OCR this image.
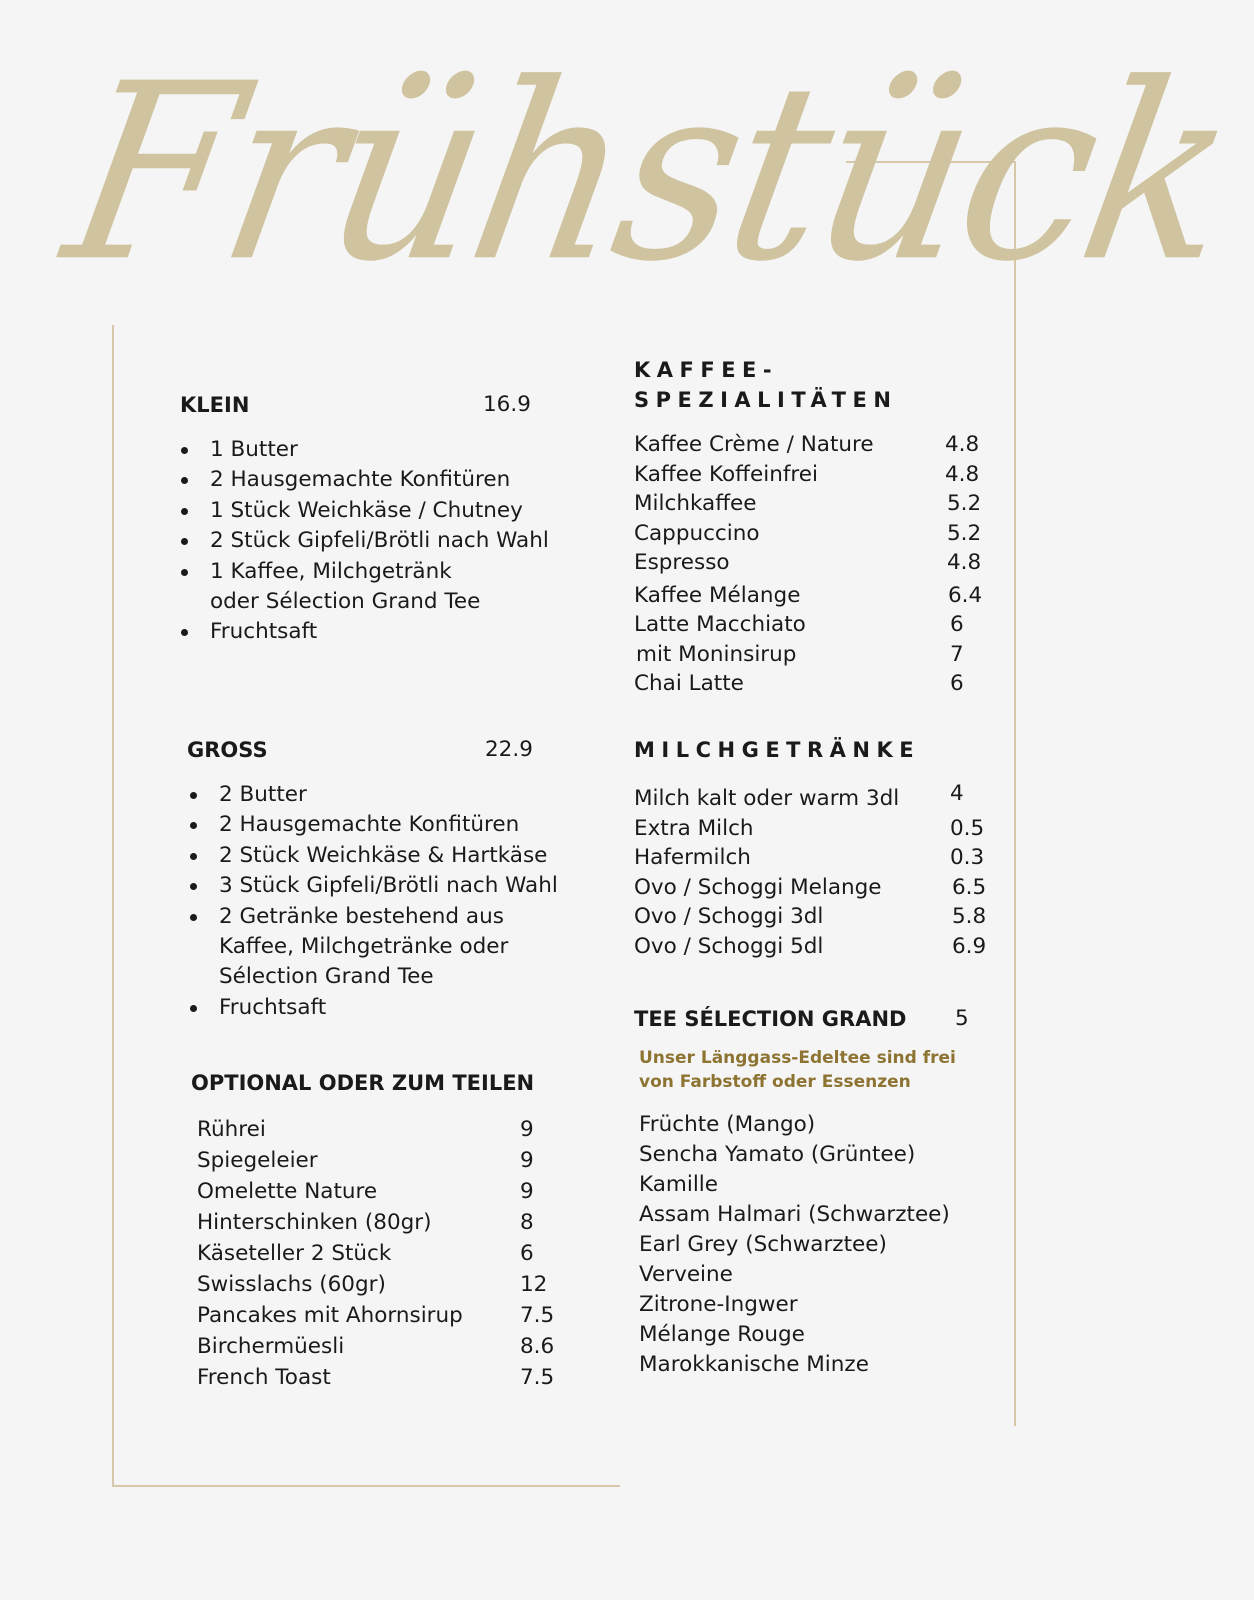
Frühstück
KLEIN	16.9
1 Butter
2 Hausgemachte Konfitüren
1 Stück Weichkäse / Chutney
2 Stück Gipfeli/Brötli nach Wahl
1 Kaffee, Milchgetränk
oder Sélection Grand Tee
Fruchtsaft
GROSS	22.9
2 Butter
2 Hausgemachte Konfitüren
2 Stück Weichkäse & Hartkäse
3 Stück Gipfeli/Brötli nach Wahl
2 Getränke bestehend aus
Kaffee, Milchgetränke oder
Sélection Grand Tee
Fruchtsaft
OPTIONAL ODER ZUM TEILEN
Rührei	9
Spiegeleier	9
Omelette Nature	9
Hinterschinken (80gr)	8
Käseteller 2 Stück	6
Swisslachs (60gr)	12
Pancakes mit Ahornsirup	7.5
Birchermüesli	8.6
French Toast	7.5
KAFFEE-
SPEZIALITÄTEN
Kaffee Crème / Nature	4.8
Kaffee Koffeinfrei	4.8
Milchkaffee	5.2
Cappuccino	5.2
Espresso	4.8
Kaffee Mélange	6.4
Latte Macchiato	6
mit Moninsirup	7
Chai Latte	6
MILCHGETRÄNKE
Milch kalt oder warm 3dl 4
Extra Milch	0.5
Hafermilch	0.3
Ovo / Schoggi Melange	6.5
Ovo / Schoggi 3dl	5.8
Ovo / Schoggi 5dl	6.9
TEE SÉLECTION GRAND 5
Unser Länggass-Edeltee sind frei
von Farbstoff oder Essenzen
Früchte (Mango)
Sencha Yamato (Grüntee)
Kamille
Assam Halmari (Schwarztee)
Earl Grey (Schwarztee)
Verveine
Zitrone-Ingwer
Mélange Rouge
Marokkanische Minze
